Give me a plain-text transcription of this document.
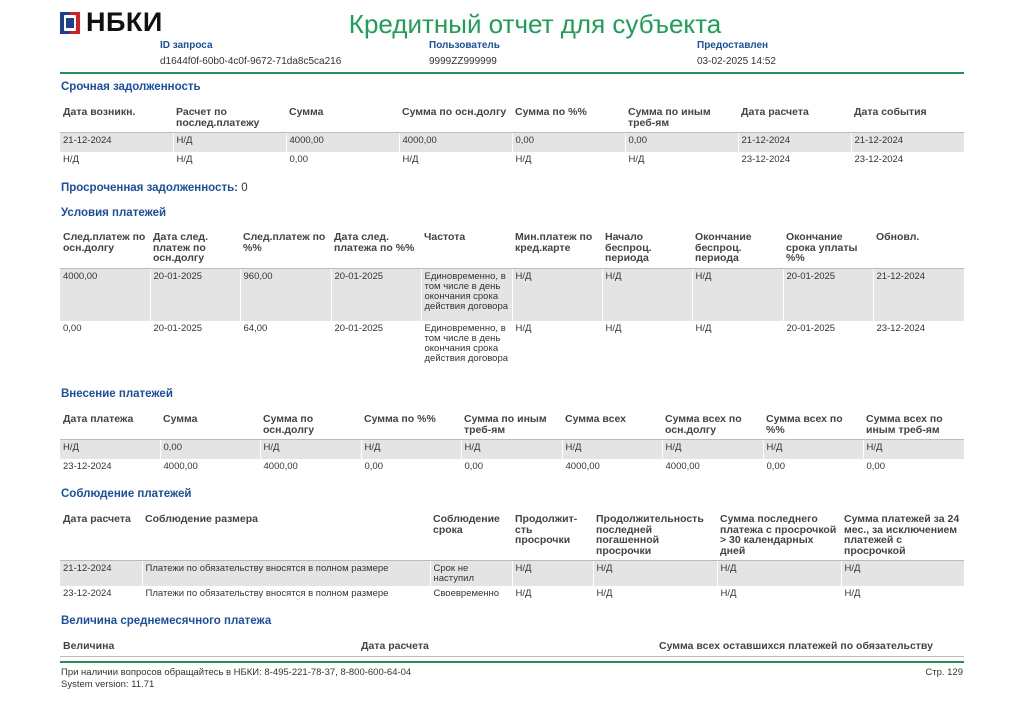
НБКИ	Кредитный отчет для субъекта
ID запроса
d1644f0f-60b0-4c0f-9672-71da8c5ca216
Пользователь
9999ZZ999999
Предоставлен
03-02-2025 14:52
Срочная задолженность
Дата возникн.	Расчет по послед.платежу	Сумма	Сумма по осн.долгу	Сумма по %%	Сумма по иным треб-ям	Дата расчета	Дата события
21-12-2024	Н/Д	4000,00	4000,00	0,00	0,00	21-12-2024	21-12-2024
Н/Д	Н/Д	0,00	Н/Д	Н/Д	Н/Д	23-12-2024	23-12-2024
Просроченная задолженность: 0
Условия платежей
След.платеж по осн.долгу	Дата след. платеж по осн.долгу	След.платеж по %%	Дата след. платежа по %%	Частота	Мин.платеж по кред.карте	Начало беспроц. периода	Окончание беспроц. периода	Окончание срока уплаты %%	Обновл.
4000,00	20-01-2025	960,00	20-01-2025	Единовременно, в том числе в день окончания срока действия договора	Н/Д	Н/Д	Н/Д	20-01-2025	21-12-2024
0,00	20-01-2025	64,00	20-01-2025	Единовременно, в том числе в день окончания срока действия договора	Н/Д	Н/Д	Н/Д	20-01-2025	23-12-2024
Внесение платежей
Дата платежа	Сумма	Сумма по осн.долгу	Сумма по %%	Сумма по иным треб-ям	Сумма всех	Сумма всех по осн.долгу	Сумма всех по %%	Сумма всех по иным треб-ям
Н/Д	0,00	Н/Д	Н/Д	Н/Д	Н/Д	Н/Д	Н/Д	Н/Д
23-12-2024	4000,00	4000,00	0,00	0,00	4000,00	4000,00	0,00	0,00
Соблюдение платежей
Дата расчета	Соблюдение размера	Соблюдение срока	Продолжит-сть просрочки	Продолжительность последней погашенной просрочки	Сумма последнего платежа с просрочкой > 30 календарных дней	Сумма платежей за 24 мес., за исключением платежей с просрочкой
21-12-2024	Платежи по обязательству вносятся в полном размере	Срок не наступил	Н/Д	Н/Д	Н/Д	Н/Д
23-12-2024	Платежи по обязательству вносятся в полном размере	Своевременно	Н/Д	Н/Д	Н/Д	Н/Д
Величина среднемесячного платежа
Величина	Дата расчета	Сумма всех оставшихся платежей по обязательству
При наличии вопросов обращайтесь в НБКИ: 8-495-221-78-37, 8-800-600-64-04
System version: 11.71
Стр. 129
